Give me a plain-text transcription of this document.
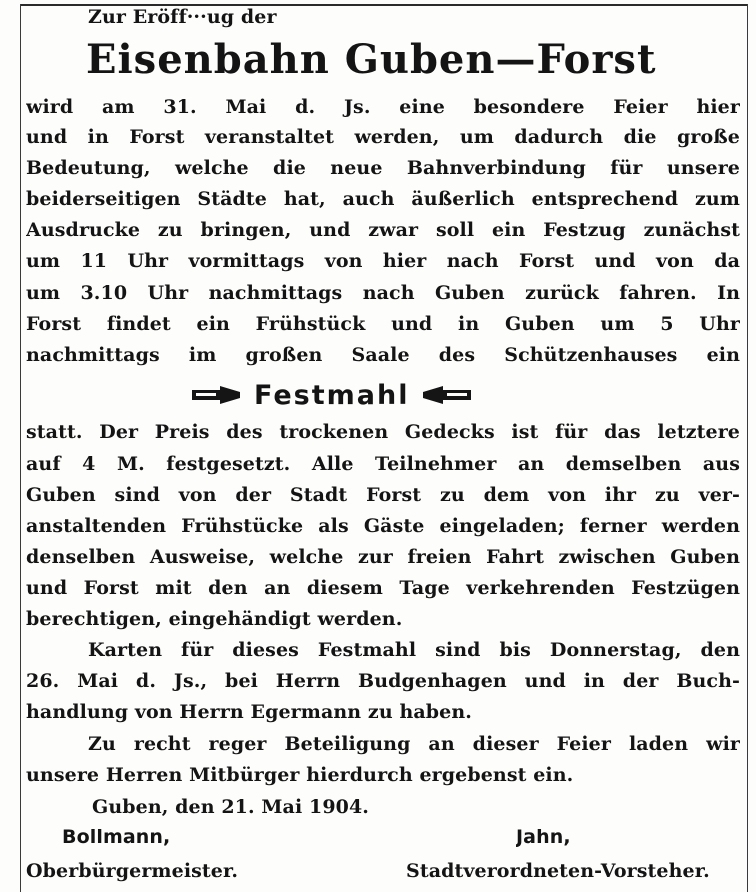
Zur Eröff···ug der
Eisenbahn Guben—Forst
wird am 31. Mai d. Js. eine besondere Feier hier
und in Forst veranstaltet werden, um dadurch die große
Bedeutung, welche die neue Bahnverbindung für unsere
beiderseitigen Städte hat, auch äußerlich entsprechend zum
Ausdrucke zu bringen, und zwar soll ein Festzug zunächst
um 11 Uhr vormittags von hier nach Forst und von da
um 3.10 Uhr nachmittags nach Guben zurück fahren. In
Forst findet ein Frühstück und in Guben um 5 Uhr
nachmittags im großen Saale des Schützenhauses ein
Festmahl
statt. Der Preis des trockenen Gedecks ist für das letztere
auf 4 M. festgesetzt. Alle Teilnehmer an demselben aus
Guben sind von der Stadt Forst zu dem von ihr zu ver-
anstaltenden Frühstücke als Gäste eingeladen; ferner werden
denselben Ausweise, welche zur freien Fahrt zwischen Guben
und Forst mit den an diesem Tage verkehrenden Festzügen
berechtigen, eingehändigt werden.
Karten für dieses Festmahl sind bis Donnerstag, den
26. Mai d. Js., bei Herrn Budgenhagen und in der Buch-
handlung von Herrn Egermann zu haben.
Zu recht reger Beteiligung an dieser Feier laden wir
unsere Herren Mitbürger hierdurch ergebenst ein.
Guben, den 21. Mai 1904.
Bollmann,	Jahn,
Oberbürgermeister.	Stadtverordneten-Vorsteher.
